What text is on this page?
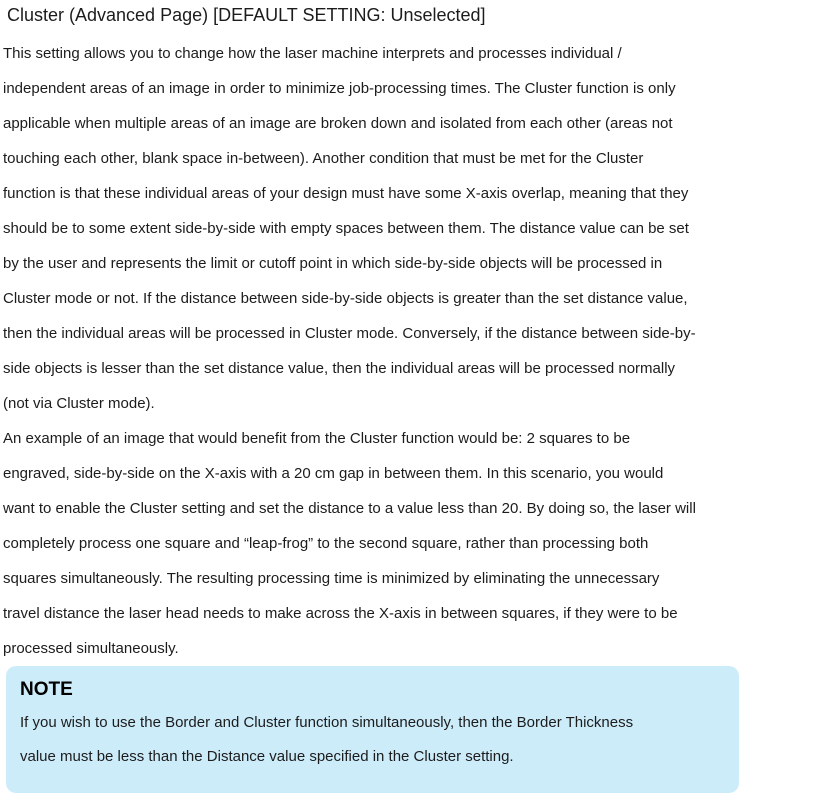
Cluster (Advanced Page) [DEFAULT SETTING: Unselected]
This setting allows you to change how the laser machine interprets and processes individual /
independent areas of an image in order to minimize job-processing times. The Cluster function is only
applicable when multiple areas of an image are broken down and isolated from each other (areas not
touching each other, blank space in-between). Another condition that must be met for the Cluster
function is that these individual areas of your design must have some X-axis overlap, meaning that they
should be to some extent side-by-side with empty spaces between them. The distance value can be set
by the user and represents the limit or cutoff point in which side-by-side objects will be processed in
Cluster mode or not. If the distance between side-by-side objects is greater than the set distance value,
then the individual areas will be processed in Cluster mode. Conversely, if the distance between side-by-
side objects is lesser than the set distance value, then the individual areas will be processed normally
(not via Cluster mode).
An example of an image that would benefit from the Cluster function would be: 2 squares to be
engraved, side-by-side on the X-axis with a 20 cm gap in between them. In this scenario, you would
want to enable the Cluster setting and set the distance to a value less than 20. By doing so, the laser will
completely process one square and “leap-frog” to the second square, rather than processing both
squares simultaneously. The resulting processing time is minimized by eliminating the unnecessary
travel distance the laser head needs to make across the X-axis in between squares, if they were to be
processed simultaneously.
NOTE
If you wish to use the Border and Cluster function simultaneously, then the Border Thickness
value must be less than the Distance value specified in the Cluster setting.
